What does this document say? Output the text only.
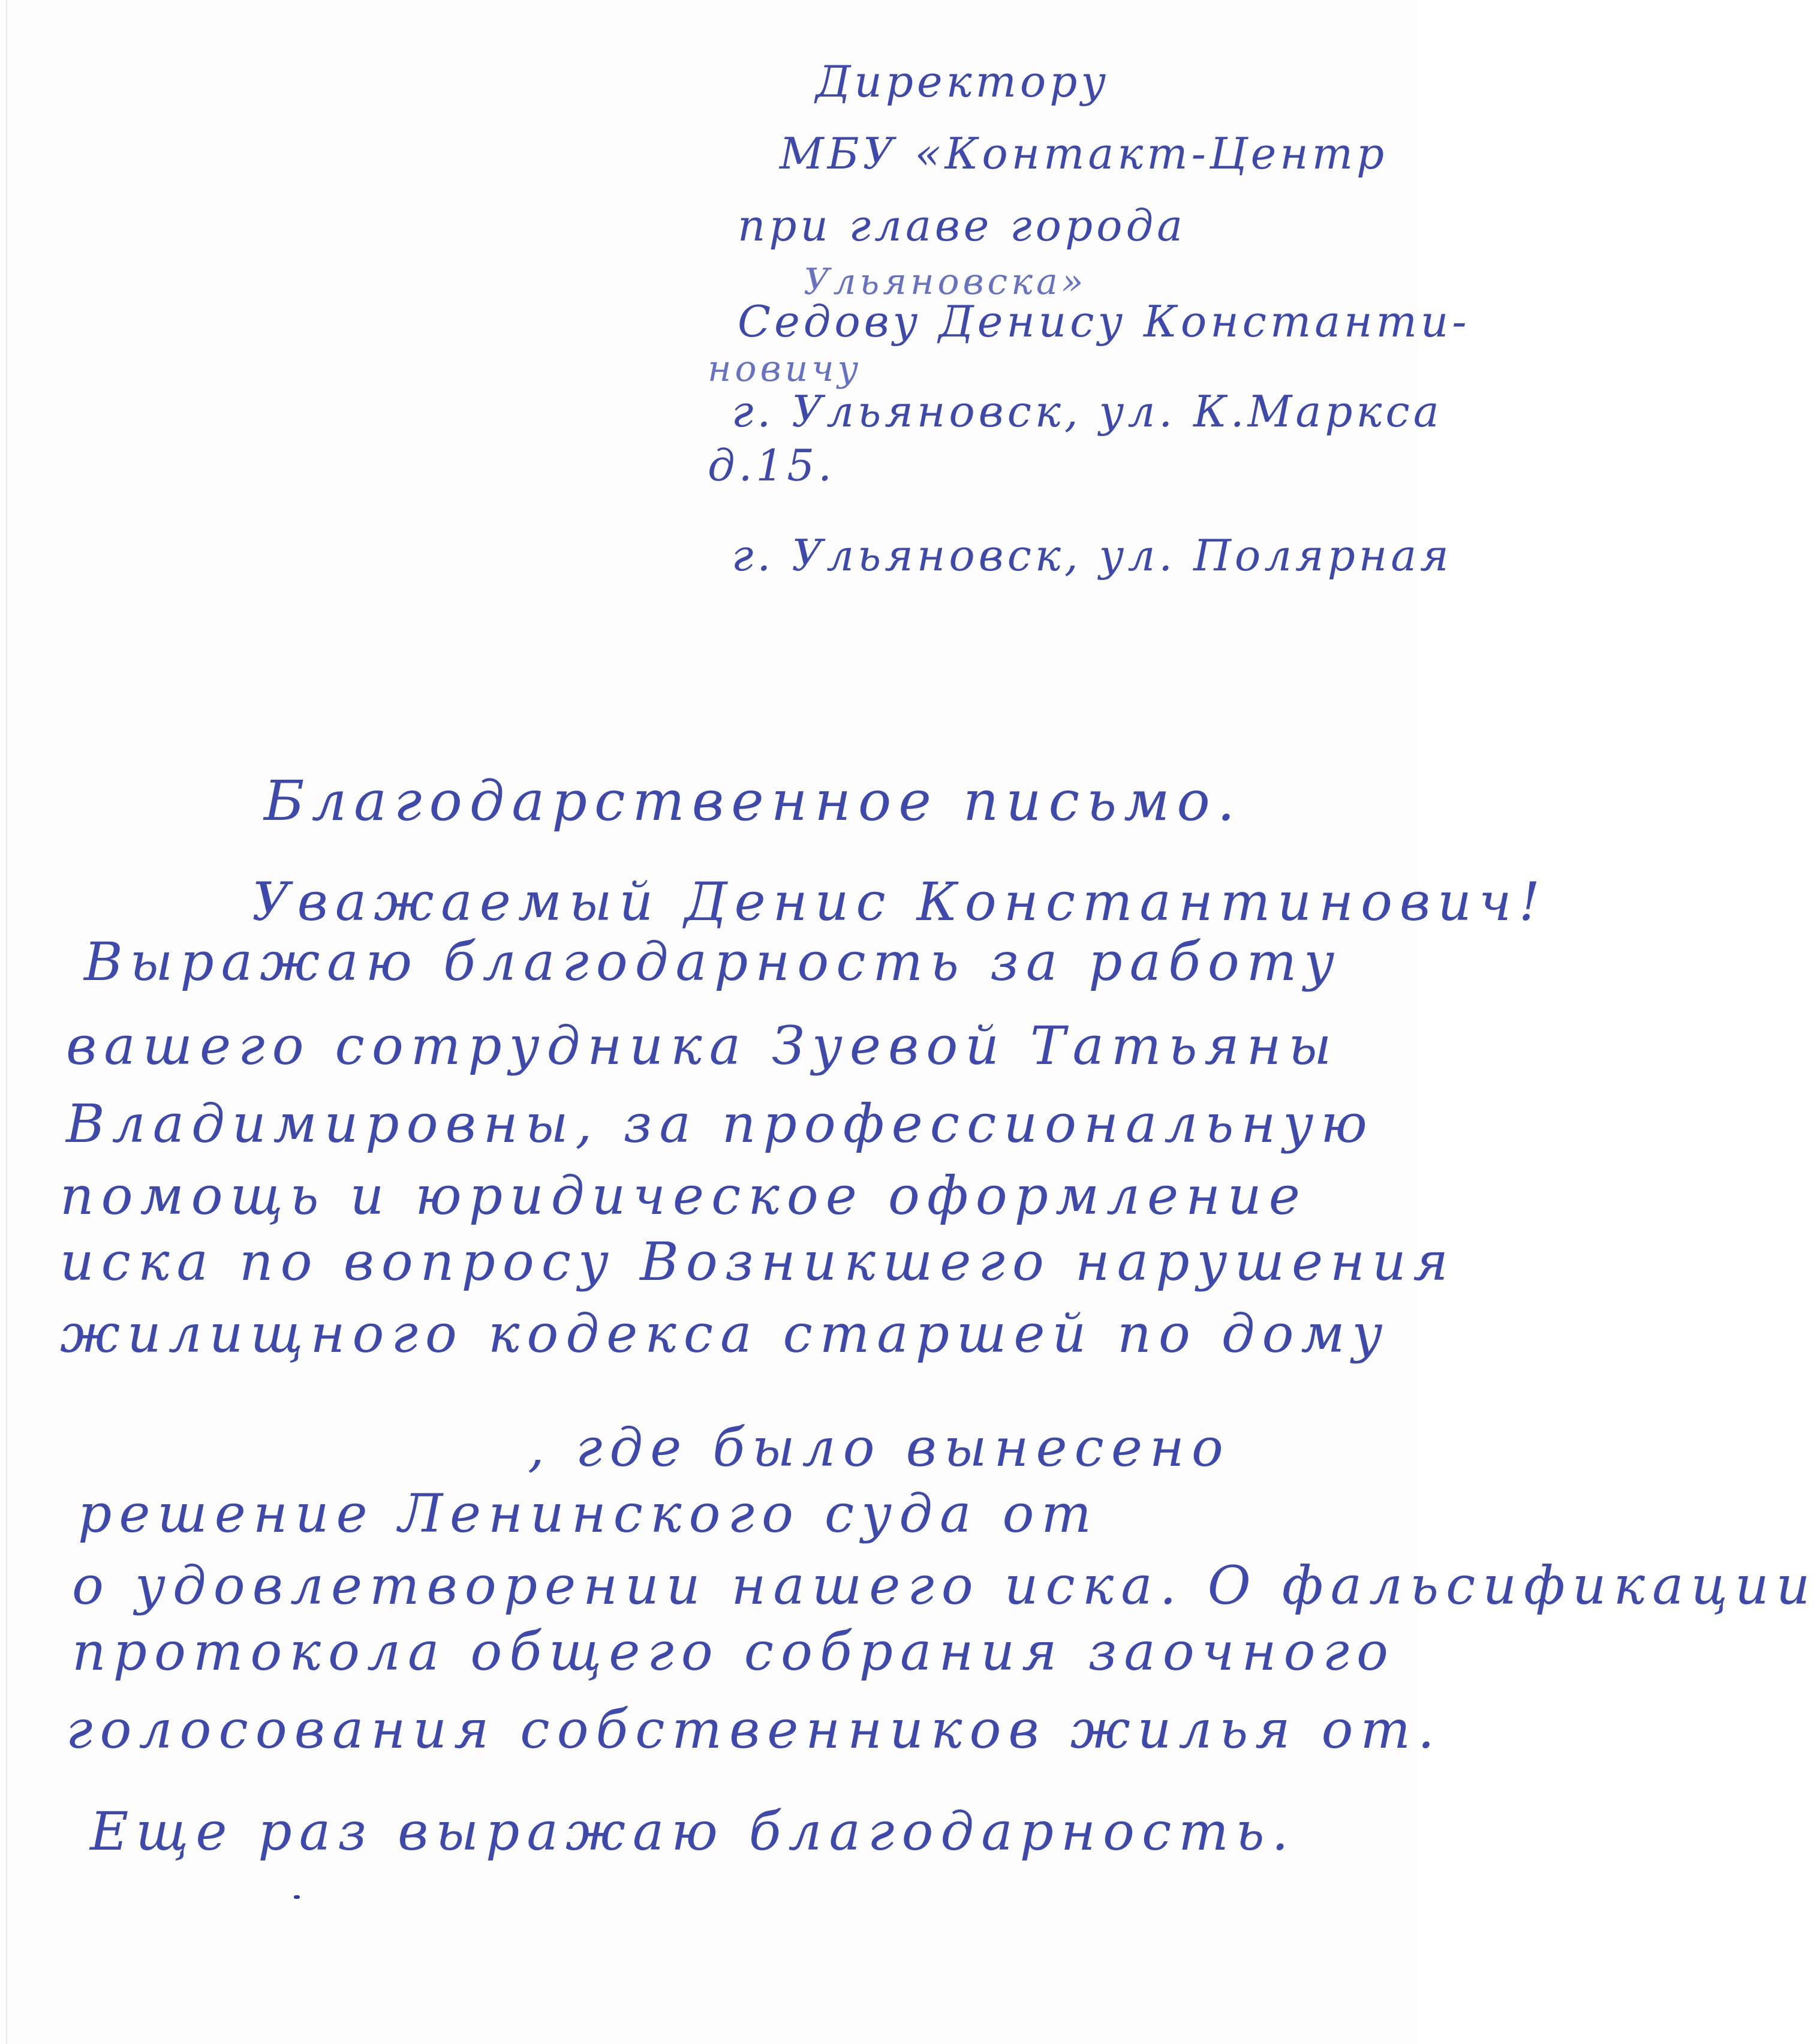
Директору
МБУ «Контакт-Центр
при главе города
Ульяновска»
Седову Денису Константи-
новичу
г. Ульяновск, ул. К.Маркса
д.15.
г. Ульяновск, ул. Полярная
Благодарственное письмо.
Уважаемый Денис Константинович!
Выражаю благодарность за работу
вашего сотрудника Зуевой Татьяны
Владимировны, за профессиональную
помощь и юридическое оформление
иска по вопросу Возникшего нарушения
жилищного кодекса старшей по дому
, где было вынесено
решение Ленинского суда от
о удовлетворении нашего иска. О фальсификации
протокола общего собрания заочного
голосования собственников жилья от.
Еще раз выражаю благодарность.
